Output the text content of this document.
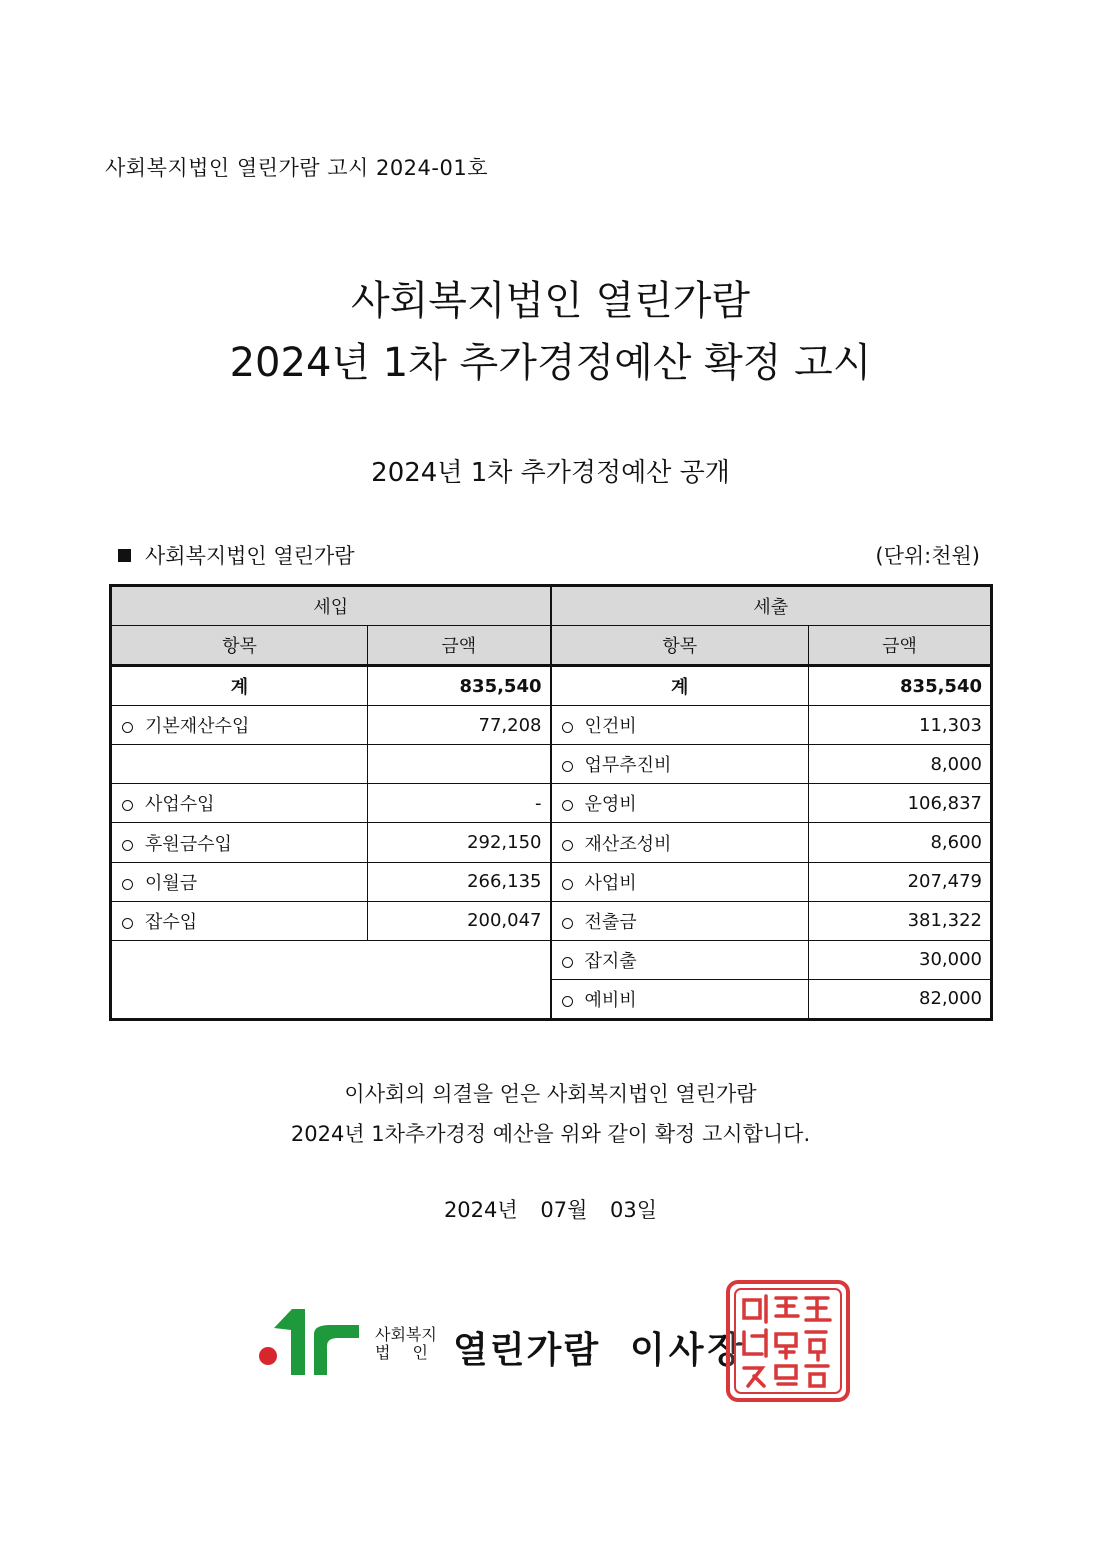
사회복지법인 열린가람 고시 2024-01호
사회복지법인 열린가람
2024년 1차 추가경정예산 확정 고시
2024년 1차 추가경정예산 공개
사회복지법인 열린가람	(단위:천원)
세입		세출	
항목	금액	항목	금액
계	835,540	계	835,540
기본재산수입	77,208	인건비	11,303
		업무추진비	8,000
사업수입	-	운영비	106,837
후원금수입	292,150	재산조성비	8,600
이월금	266,135	사업비	207,479
잡수입	200,047	전출금	381,322
		잡지출	30,000
		예비비	82,000
이사회의 의결을 얻은 사회복지법인 열린가람
2024년 1차추가경정 예산을 위와 같이 확정 고시합니다.
2024년 07월 03일
사회복지
법인 열린가람 이사장
